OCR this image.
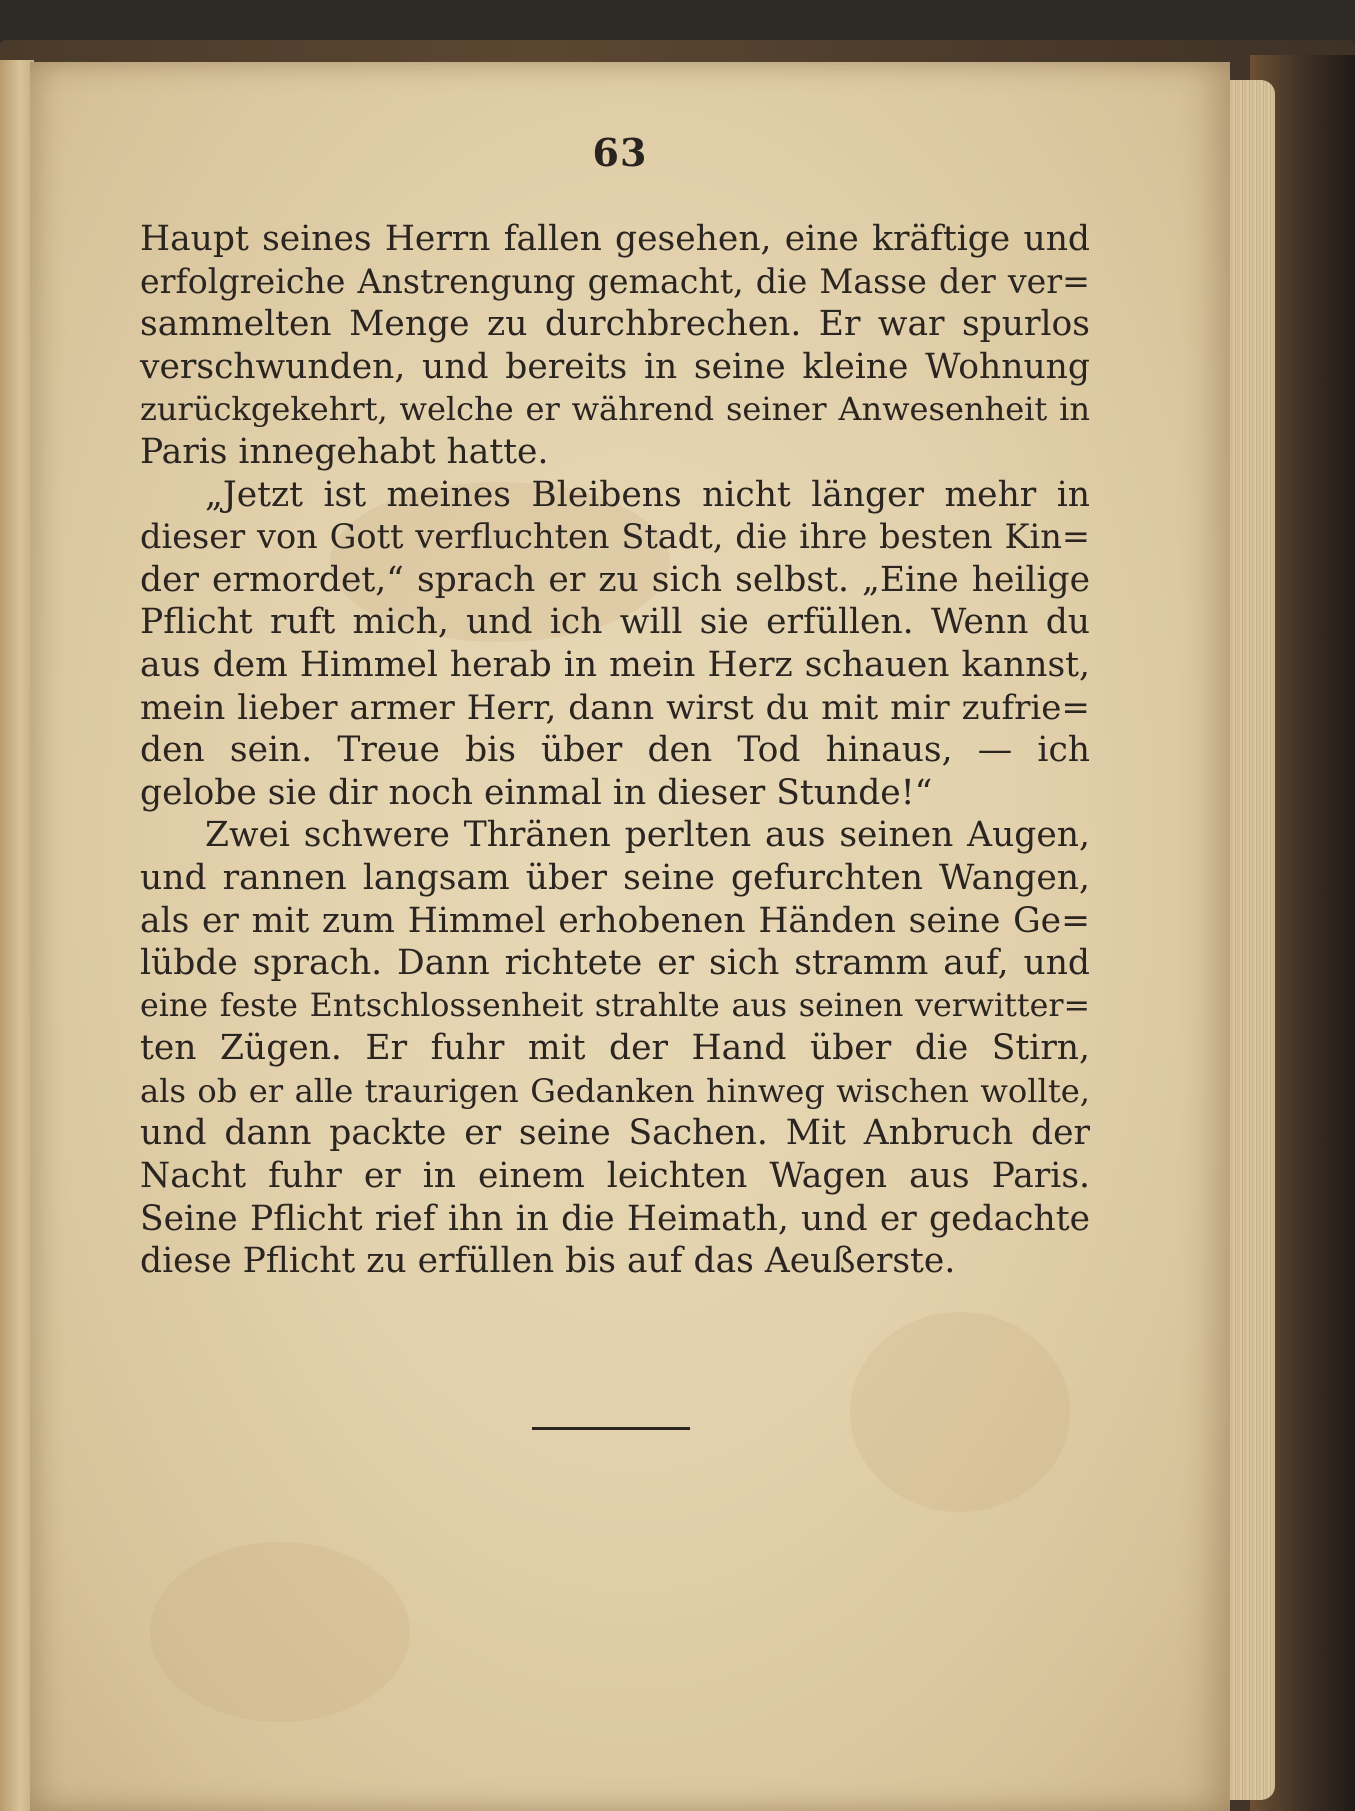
63
Haupt seines Herrn fallen gesehen, eine kräftige und
erfolgreiche Anstrengung gemacht, die Masse der ver=
sammelten Menge zu durchbrechen. Er war spurlos
verschwunden, und bereits in seine kleine Wohnung
zurückgekehrt, welche er während seiner Anwesenheit in
Paris innegehabt hatte.
„Jetzt ist meines Bleibens nicht länger mehr in
dieser von Gott verfluchten Stadt, die ihre besten Kin=
der ermordet,“ sprach er zu sich selbst. „Eine heilige
Pflicht ruft mich, und ich will sie erfüllen. Wenn du
aus dem Himmel herab in mein Herz schauen kannst,
mein lieber armer Herr, dann wirst du mit mir zufrie=
den sein. Treue bis über den Tod hinaus, — ich
gelobe sie dir noch einmal in dieser Stunde!“
Zwei schwere Thränen perlten aus seinen Augen,
und rannen langsam über seine gefurchten Wangen,
als er mit zum Himmel erhobenen Händen seine Ge=
lübde sprach. Dann richtete er sich stramm auf, und
eine feste Entschlossenheit strahlte aus seinen verwitter=
ten Zügen. Er fuhr mit der Hand über die Stirn,
als ob er alle traurigen Gedanken hinweg wischen wollte,
und dann packte er seine Sachen. Mit Anbruch der
Nacht fuhr er in einem leichten Wagen aus Paris.
Seine Pflicht rief ihn in die Heimath, und er gedachte
diese Pflicht zu erfüllen bis auf das Aeußerste.
